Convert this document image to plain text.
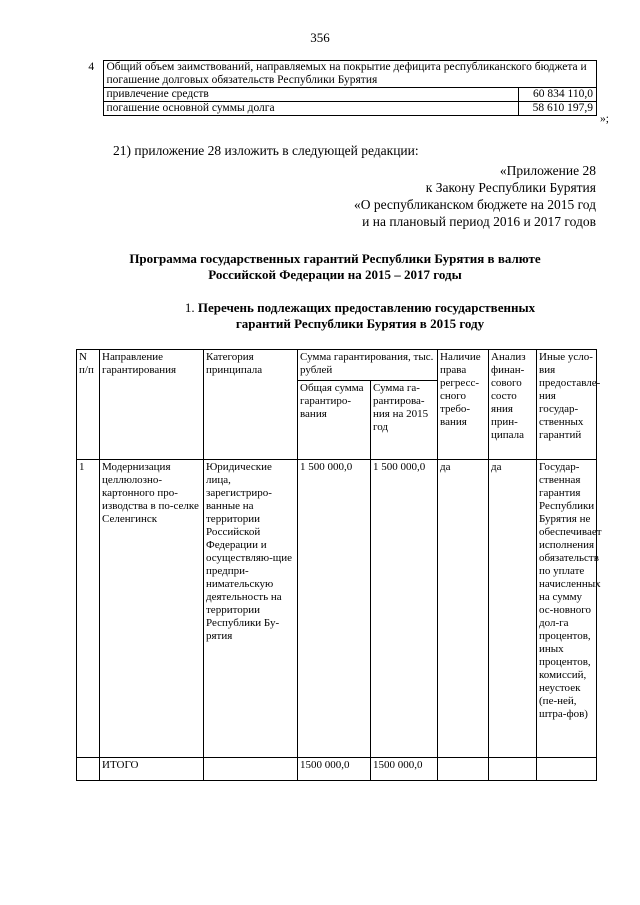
356
4	Общий объем заимствований, направляемых на покрытие дефицита республиканского бюджета и погашение долговых обязательств Республики Бурятия	
	привлечение средств	60 834 110,0
	погашение основной суммы долга	58 610 197,9
»;
21) приложение 28 изложить в следующей редакции:
«Приложение 28
к Закону Республики Бурятия
«О республиканском бюджете на 2015 год
и на плановый период 2016 и 2017 годов
Программа государственных гарантий Республики Бурятия в валюте
Российской Федерации на 2015 – 2017 годы
1. Перечень подлежащих предоставлению государственных
гарантий Республики Бурятия в 2015 году
N п/п	Направление гарантирования	Категория принципала	Сумма гарантирования, тыс. рублей		Наличие права регресс-сного требо-вания	Анализ финан-сового состо яния прин-ципала	Иные усло-вия предоставле-ния государ-ственных гарантий
			Общая сумма гарантиро-вания	Сумма га-рантирова-ния на 2015 год			
1	Модернизация целлюлозно-картонного про-изводства в по-селке Селенгинск	Юридические лица, зарегистриро-ванные на территории Российской Федерации и осуществляю-щие предпри-нимательскую деятельность на территории Республики Бу-рятия	1 500 000,0	1 500 000,0	да	да	Государ-ственная гарантия Республики Бурятия не обеспечивает исполнения обязательств по уплате начисленных на сумму ос-новного дол-га процентов, иных процентов, комиссий, неустоек (пе-ней, штра-фов)
	ИТОГО		1500 000,0	1500 000,0			
